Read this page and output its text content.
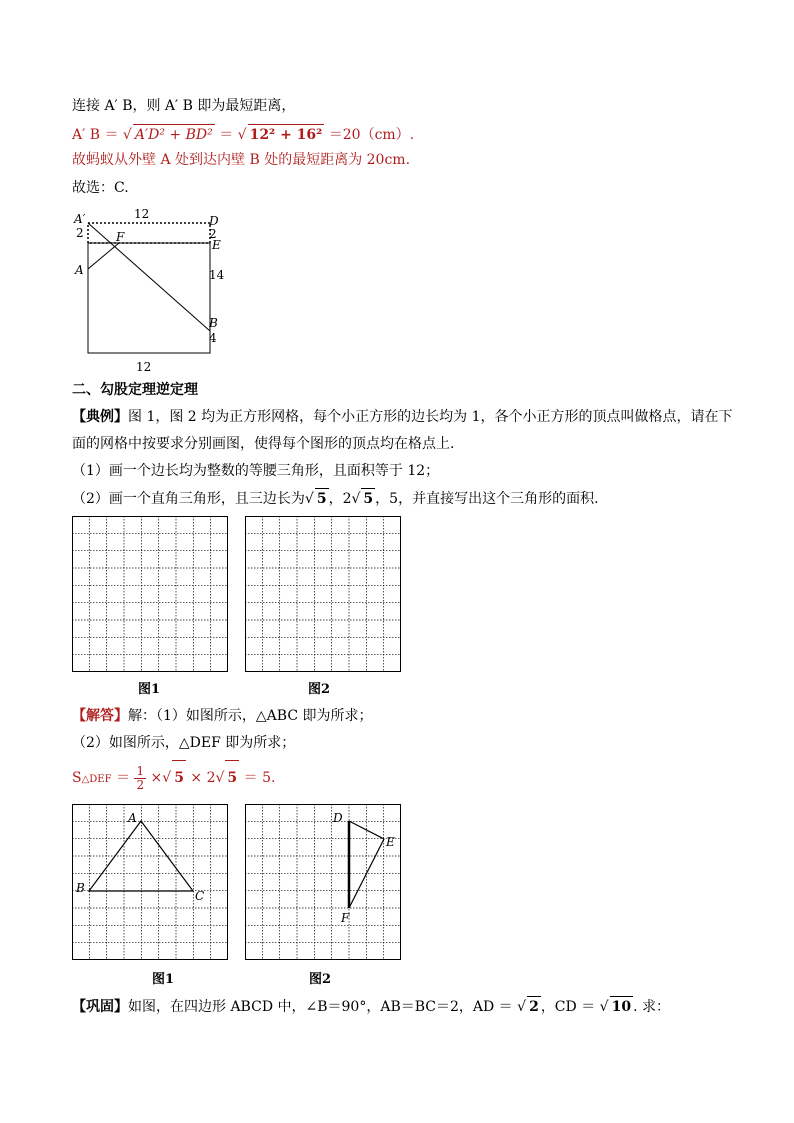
连接 A′ B，则 A′ B 即为最短距离，
A′ B ＝ √ A′D² + BD² ＝ √ 12² + 16² ＝20（cm）.
故蚂蚁从外壁 A 处到达内壁 B 处的最短距离为 20cm.
故选：C.
A′	12	D
2	2
F
E
A	14
B
4
12
二、勾股定理逆定理
【典例】图 1，图 2 均为正方形网格，每个小正方形的边长均为 1，各个小正方形的顶点叫做格点，请在下
面的网格中按要求分别画图，使得每个图形的顶点均在格点上.
（1）画一个边长均为整数的等腰三角形，且面积等于 12；
（2）画一个直角三角形，且三边长为√ 5 ，2√ 5 ，5，并直接写出这个三角形的面积.
图1	图2
【解答】解：（1）如图所示，△ABC 即为所求；
（2）如图所示，△DEF 即为所求；
S△DEF ＝ $\frac{1}{2}$ ×√ 5 × 2√ 5 ＝ 5.
A
B
C
D
E
F
图1	图2
【巩固】如图，在四边形 ABCD 中，∠B＝90°，AB＝BC＝2，AD ＝ √ 2 ，CD ＝ √ 10 . 求：
